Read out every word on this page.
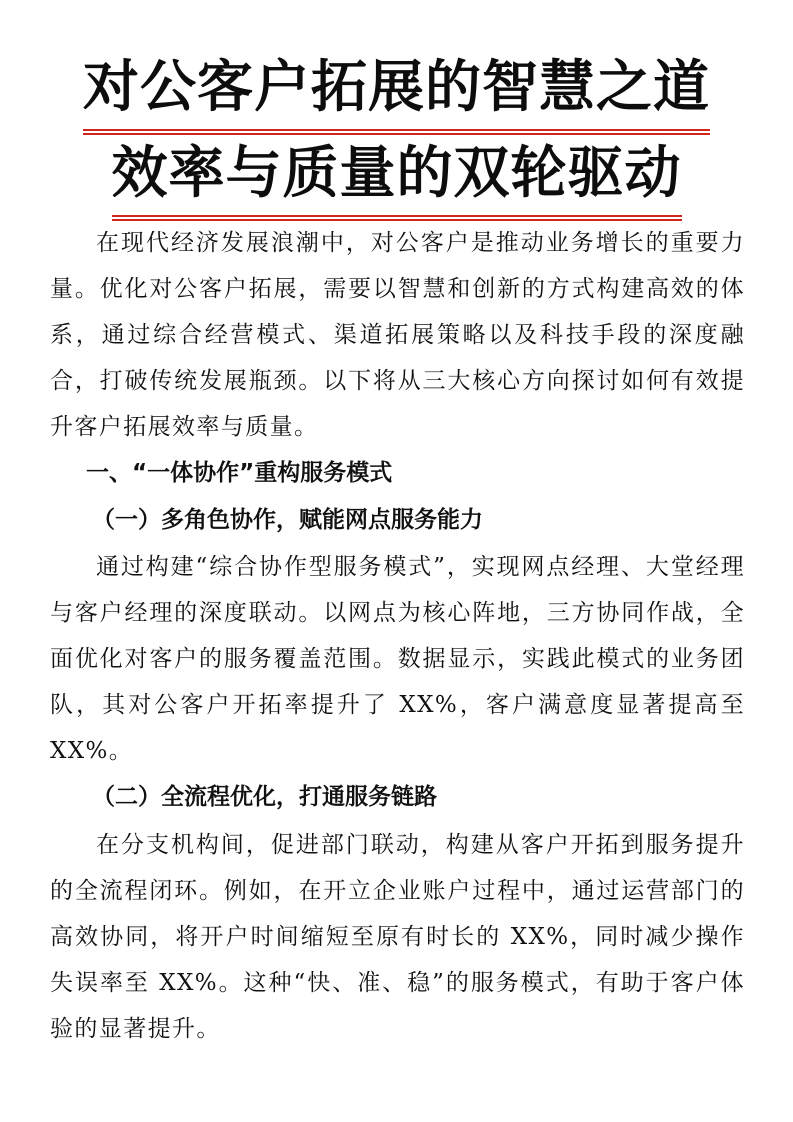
对公客户拓展的智慧之道
效率与质量的双轮驱动

在现代经济发展浪潮中，对公客户是推动业务增长的重要力量。优化对公客户拓展，需要以智慧和创新的方式构建高效的体系，通过综合经营模式、渠道拓展策略以及科技手段的深度融合，打破传统发展瓶颈。以下将从三大核心方向探讨如何有效提升客户拓展效率与质量。

一、“一体协作”重构服务模式
（一）多角色协作，赋能网点服务能力

通过构建“综合协作型服务模式”，实现网点经理、大堂经理与客户经理的深度联动。以网点为核心阵地，三方协同作战，全面优化对客户的服务覆盖范围。数据显示，实践此模式的业务团队，其对公客户开拓率提升了 XX%，客户满意度显著提高至 XX%。

（二）全流程优化，打通服务链路

在分支机构间，促进部门联动，构建从客户开拓到服务提升的全流程闭环。例如，在开立企业账户过程中，通过运营部门的高效协同，将开户时间缩短至原有时长的 XX%，同时减少操作失误率至 XX%。这种“快、准、稳”的服务模式，有助于客户体验的显著提升。
